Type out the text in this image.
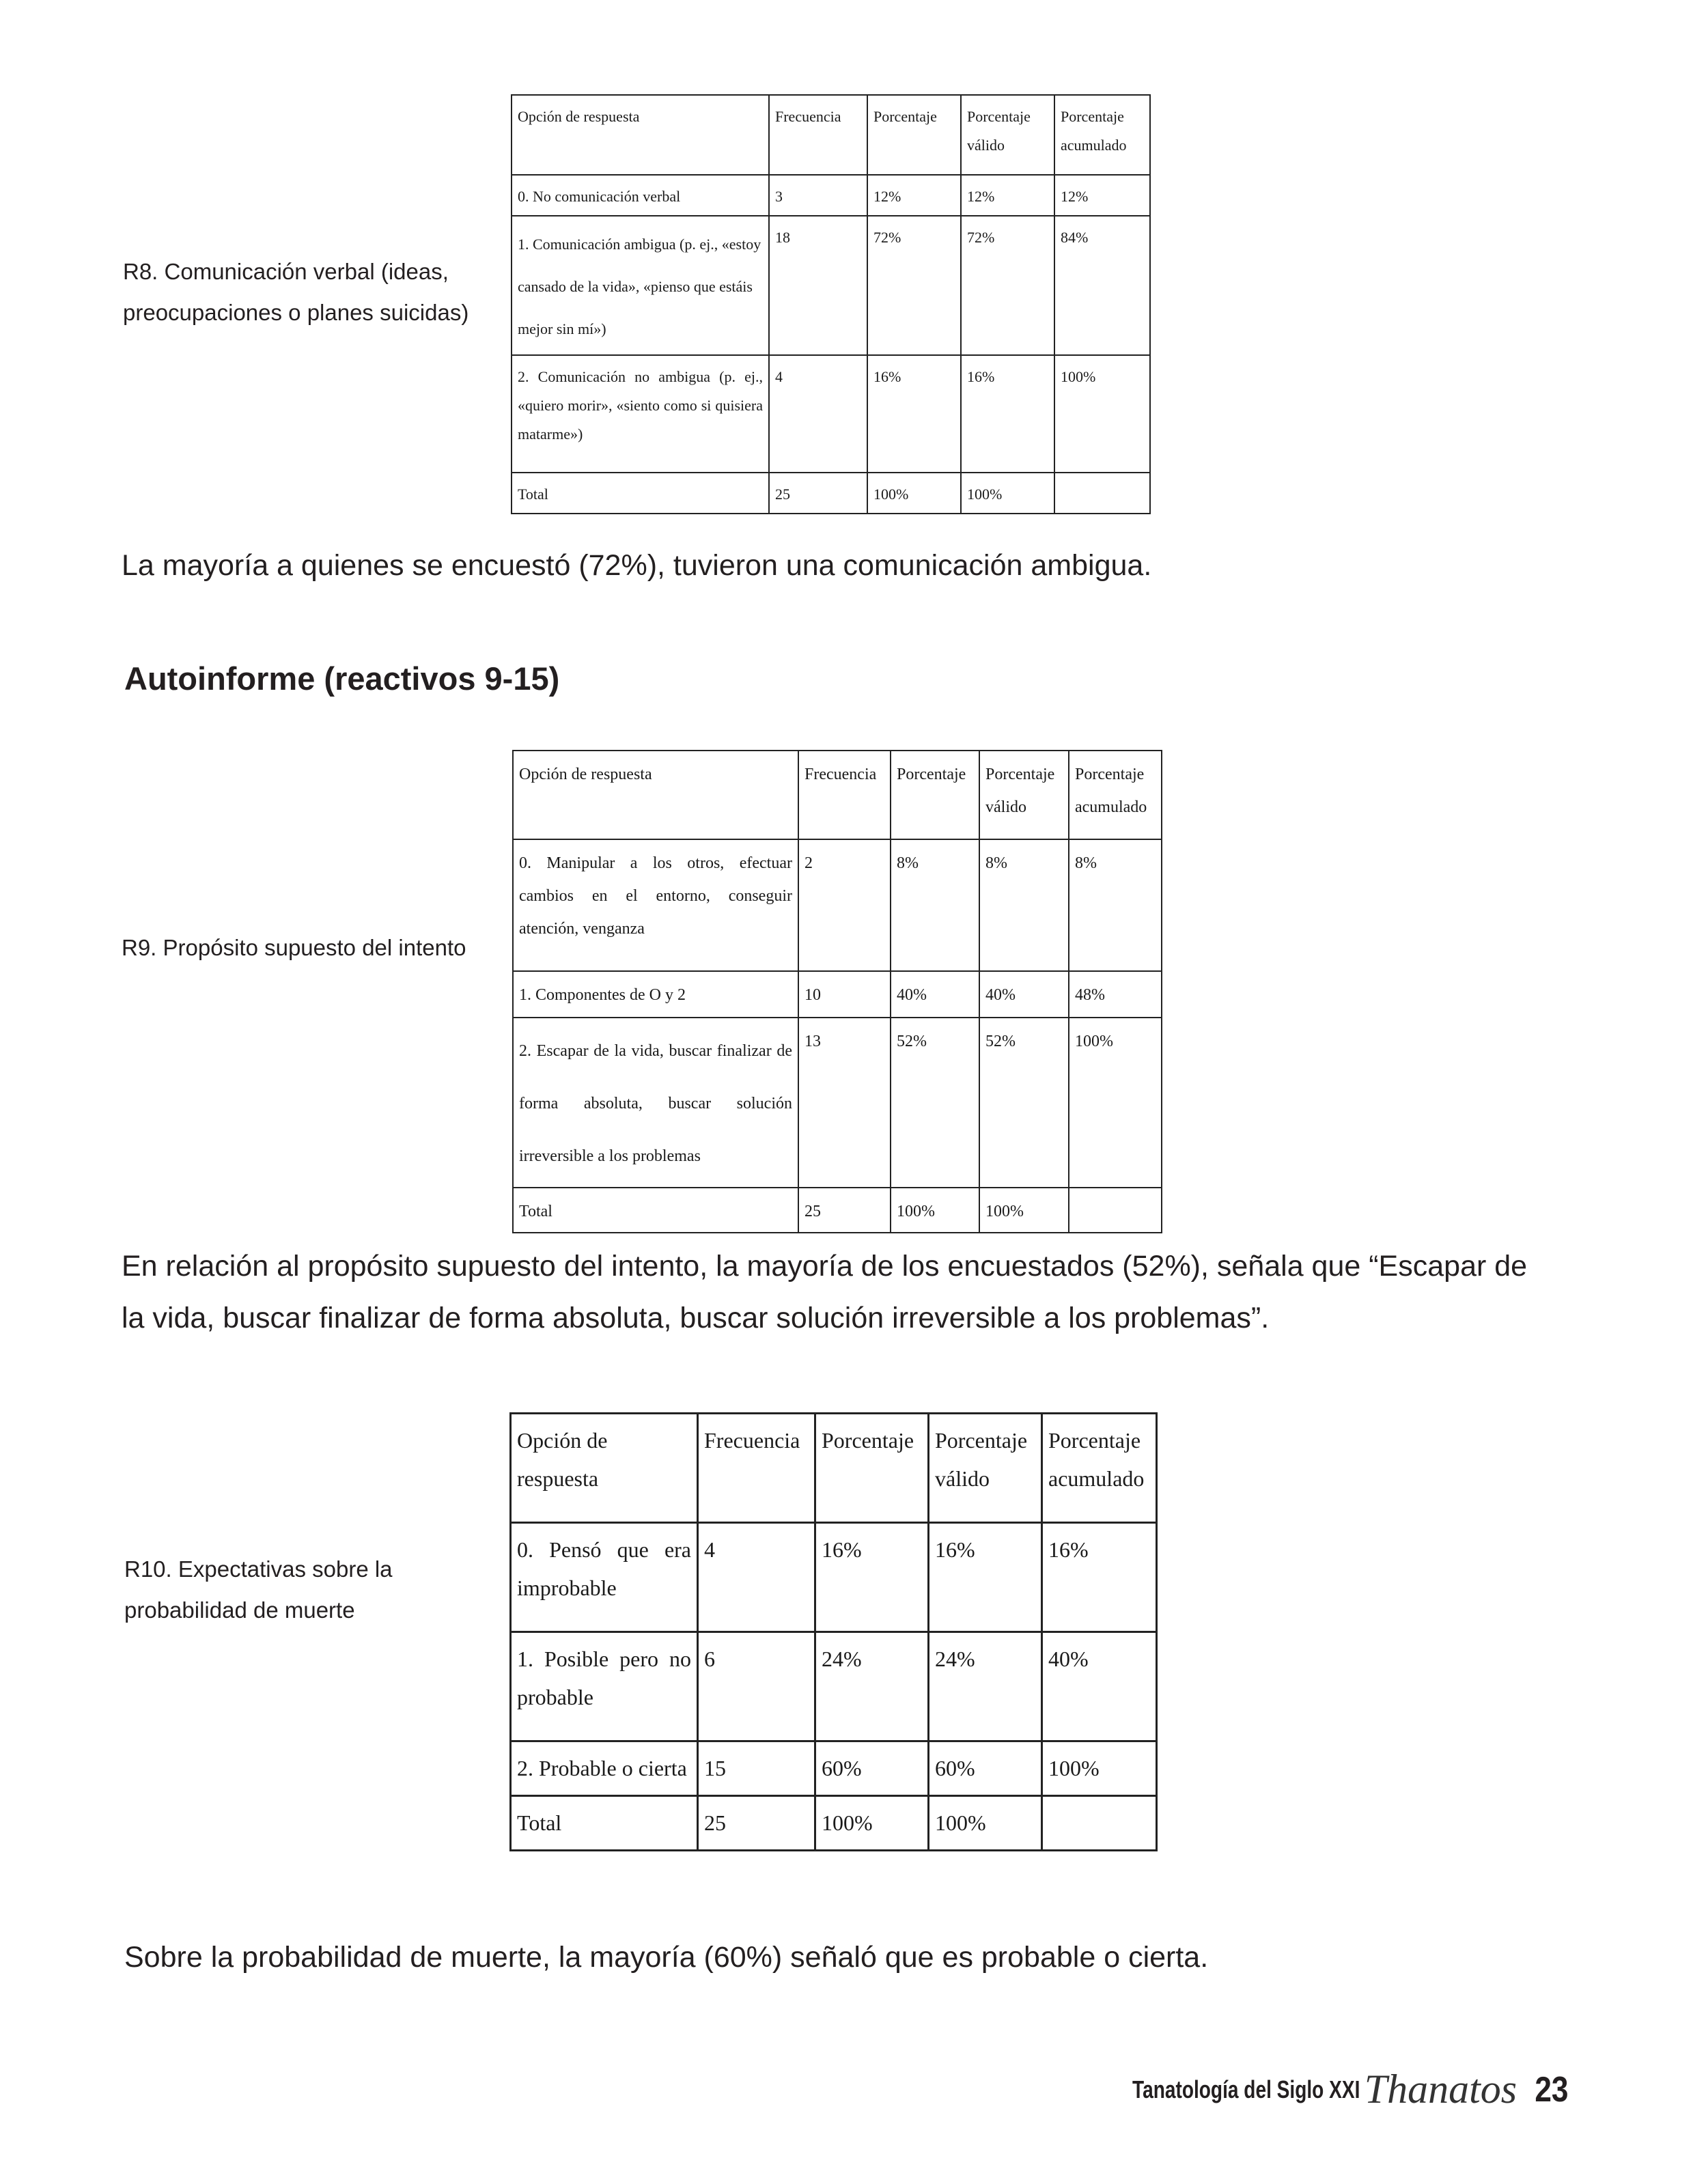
R8. Comunicación verbal (ideas,
preocupaciones o planes suicidas)
Opción de respuesta	Frecuencia	Porcentaje	Porcentaje válido	Porcentaje acumulado
0. No comunicación verbal	3	12%	12%	12%
1. Comunicación ambigua (p. ej., «estoy cansado de la vida», «pienso que estáis mejor sin mí»)	18	72%	72%	84%
2. Comunicación no ambigua (p. ej., «quiero morir», «siento como si quisiera matarme»)	4	16%	16%	100%
Total	25	100%	100%	
La mayoría a quienes se encuestó (72%), tuvieron una comunicación ambigua.
Autoinforme (reactivos 9-15)
R9. Propósito supuesto del intento
Opción de respuesta	Frecuencia	Porcentaje	Porcentaje válido	Porcentaje acumulado
0. Manipular a los otros, efectuar cambios en el entorno, conseguir atención, venganza	2	8%	8%	8%
1. Componentes de O y 2	10	40%	40%	48%
2. Escapar de la vida, buscar finalizar de forma absoluta, buscar solución irreversible a los problemas	13	52%	52%	100%
Total	25	100%	100%	
En relación al propósito supuesto del intento, la mayoría de los encuestados (52%), señala que “Escapar de
la vida, buscar finalizar de forma absoluta, buscar solución irreversible a los problemas”.
R10. Expectativas sobre la
probabilidad de muerte
Opción de respuesta	Frecuencia	Porcentaje	Porcentaje válido	Porcentaje acumulado
0. Pensó que era improbable	4	16%	16%	16%
1. Posible pero no probable	6	24%	24%	40%
2. Probable o cierta	15	60%	60%	100%
Total	25	100%	100%	
Sobre la probabilidad de muerte, la mayoría (60%) señaló que es probable o cierta.
Tanatología del Siglo XXI Thanatos 23
